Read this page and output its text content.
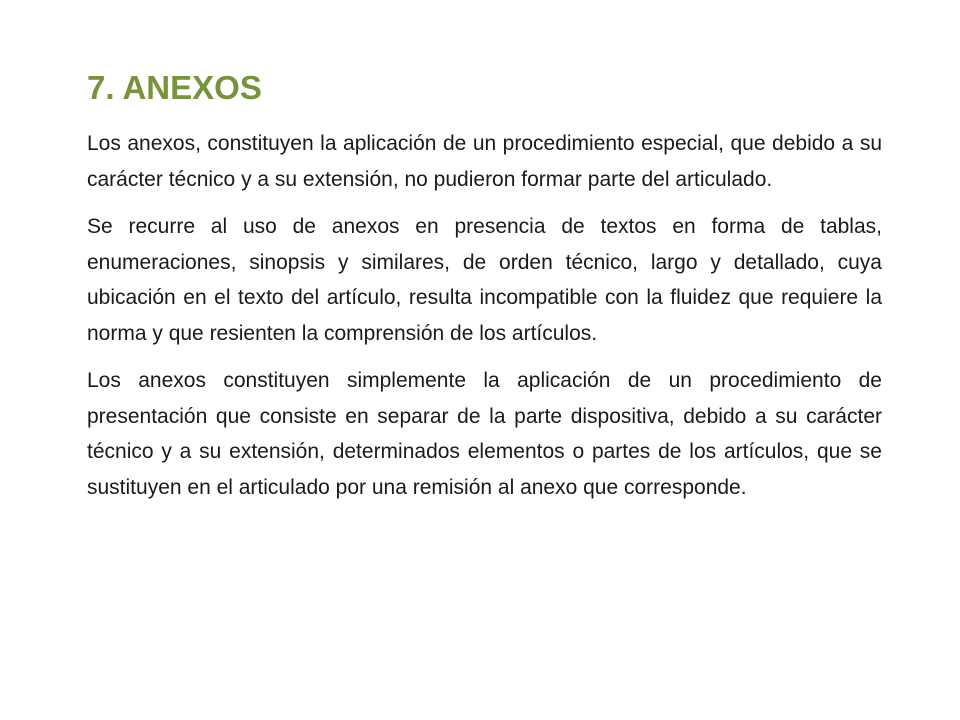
7. ANEXOS

Los anexos, constituyen la aplicación de un procedimiento especial, que debido a su carácter técnico y a su extensión, no pudieron formar parte del articulado.

Se recurre al uso de anexos en presencia de textos en forma de tablas, enumeraciones, sinopsis y similares, de orden técnico, largo y detallado, cuya ubicación en el texto del artículo, resulta incompatible con la fluidez que requiere la norma y que resienten la comprensión de los artículos.

Los anexos constituyen simplemente la aplicación de un procedimiento de presentación que consiste en separar de la parte dispositiva, debido a su carácter técnico y a su extensión, determinados elementos o partes de los artículos, que se sustituyen en el articulado por una remisión al anexo que corresponde.
